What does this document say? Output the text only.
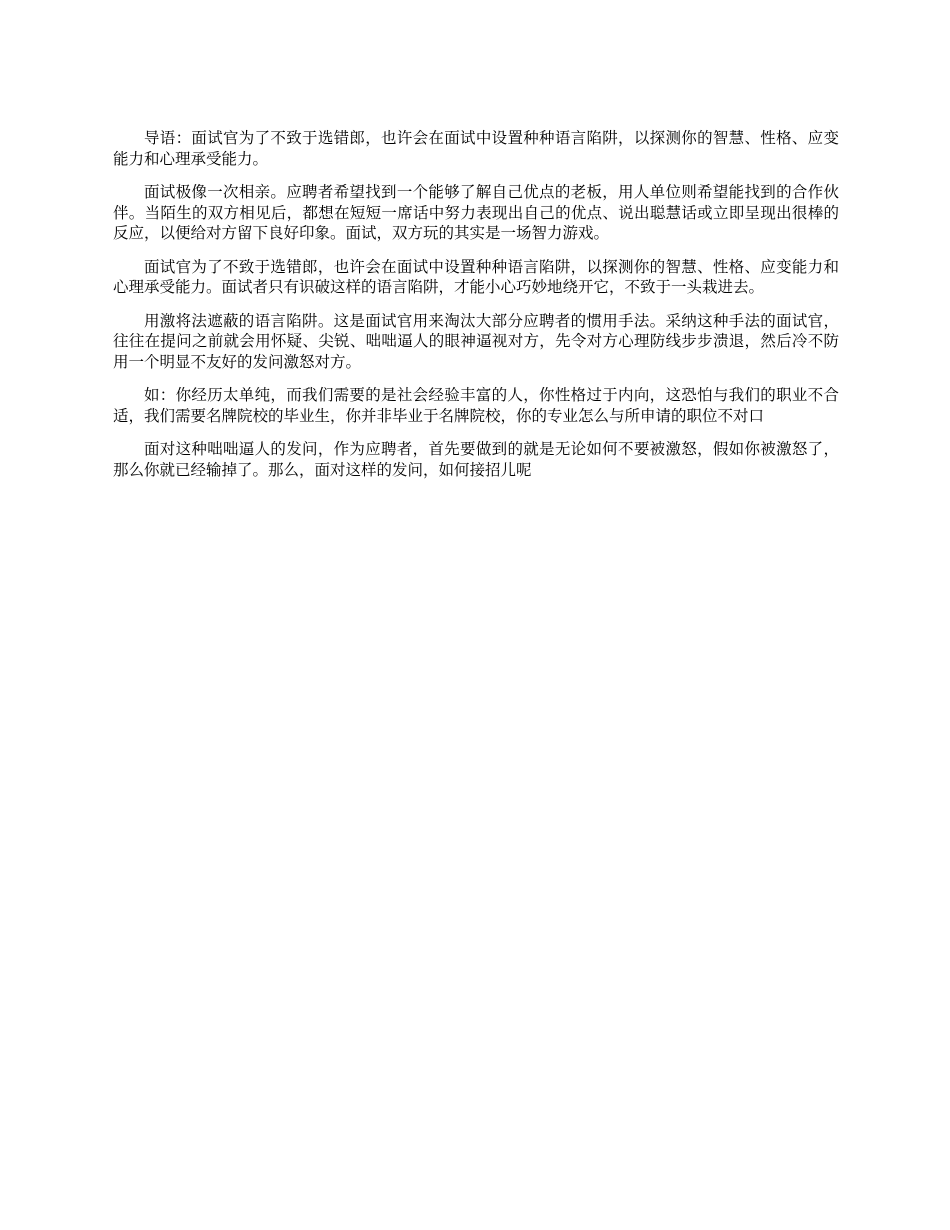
导语：面试官为了不致于选错郎，也许会在面试中设置种种语言陷阱，以探测你的智慧、性格、应变能力和心理承受能力。

面试极像一次相亲。应聘者希望找到一个能够了解自己优点的老板，用人单位则希望能找到的合作伙伴。当陌生的双方相见后，都想在短短一席话中努力表现出自己的优点、说出聪慧话或立即呈现出很棒的反应，以便给对方留下良好印象。面试，双方玩的其实是一场智力游戏。

面试官为了不致于选错郎，也许会在面试中设置种种语言陷阱，以探测你的智慧、性格、应变能力和心理承受能力。面试者只有识破这样的语言陷阱，才能小心巧妙地绕开它，不致于一头栽进去。

用激将法遮蔽的语言陷阱。这是面试官用来淘汰大部分应聘者的惯用手法。采纳这种手法的面试官，往往在提问之前就会用怀疑、尖锐、咄咄逼人的眼神逼视对方，先令对方心理防线步步溃退，然后冷不防用一个明显不友好的发问激怒对方。

如：你经历太单纯，而我们需要的是社会经验丰富的人，你性格过于内向，这恐怕与我们的职业不合适，我们需要名牌院校的毕业生，你并非毕业于名牌院校，你的专业怎么与所申请的职位不对口

面对这种咄咄逼人的发问，作为应聘者，首先要做到的就是无论如何不要被激怒，假如你被激怒了，那么你就已经输掉了。那么，面对这样的发问，如何接招儿呢
